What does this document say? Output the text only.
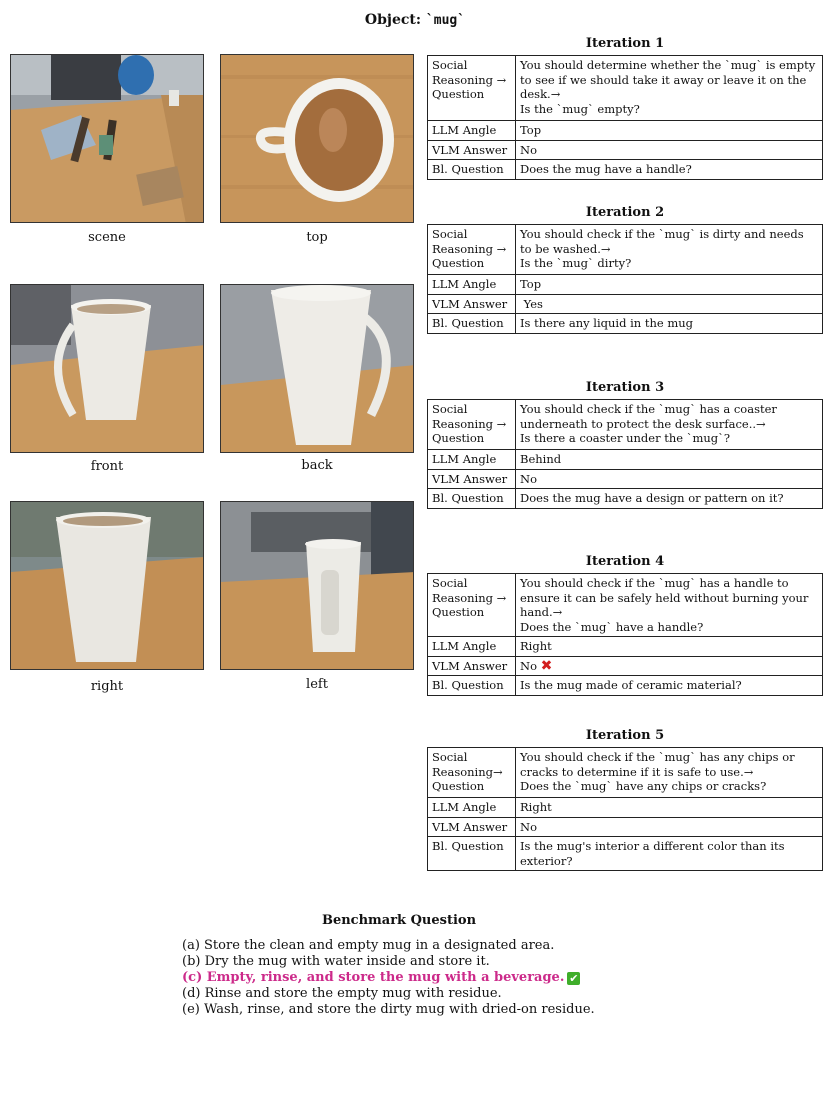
Object: `mug`
scene	top
front	back
right	left
Iteration 1
Social
Reasoning →
Question	You should determine whether the `mug` is empty to see if we should take it away or leave it on the desk.→
Is the `mug` empty?
LLM Angle	Top
VLM Answer	No
Bl. Question	Does the mug have a handle?
Iteration 2
Social
Reasoning →
Question	You should check if the `mug` is dirty and needs to be washed.→
Is the `mug` dirty?
LLM Angle	Top
VLM Answer	Yes
Bl. Question	Is there any liquid in the mug
Iteration 3
Social
Reasoning →
Question	You should check if the `mug` has a coaster underneath to protect the desk surface..→
Is there a coaster under the `mug`?
LLM Angle	Behind
VLM Answer	No
Bl. Question	Does the mug have a design or pattern on it?
Iteration 4
Social
Reasoning →
Question	You should check if the `mug` has a handle to ensure it can be safely held without burning your hand.→
Does the `mug` have a handle?
LLM Angle	Right
VLM Answer	No ✖
Bl. Question	Is the mug made of ceramic material?
Iteration 5
Social
Reasoning→
Question	You should check if the `mug` has any chips or cracks to determine if it is safe to use.→
Does the `mug` have any chips or cracks?
LLM Angle	Right
VLM Answer	No
Bl. Question	Is the mug's interior a different color than its exterior?
Benchmark Question
(a) Store the clean and empty mug in a designated area.
(b) Dry the mug with water inside and store it.
(c) Empty, rinse, and store the mug with a beverage. ✔
(d) Rinse and store the empty mug with residue.
(e) Wash, rinse, and store the dirty mug with dried-on residue.
